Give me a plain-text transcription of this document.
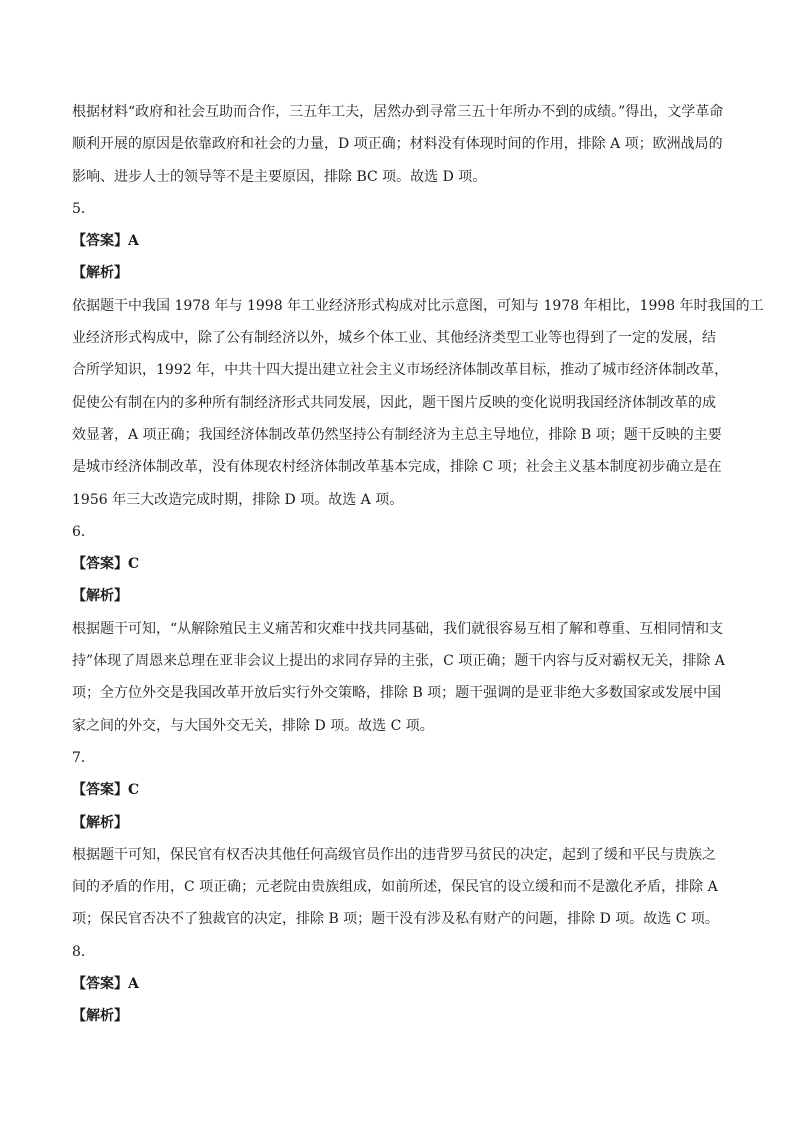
根据材料“政府和社会互助而合作，三五年工夫，居然办到寻常三五十年所办不到的成绩。”得出，文学革命
顺利开展的原因是依靠政府和社会的力量，D 项正确；材料没有体现时间的作用，排除 A 项；欧洲战局的
影响、进步人士的领导等不是主要原因，排除 BC 项。故选 D 项。

5．
【答案】A
【解析】

依据题干中我国 1978 年与 1998 年工业经济形式构成对比示意图，可知与 1978 年相比，1998 年时我国的工
业经济形式构成中，除了公有制经济以外，城乡个体工业、其他经济类型工业等也得到了一定的发展，结
合所学知识，1992 年，中共十四大提出建立社会主义市场经济体制改革目标，推动了城市经济体制改革，
促使公有制在内的多种所有制经济形式共同发展，因此，题干图片反映的变化说明我国经济体制改革的成
效显著，A 项正确；我国经济体制改革仍然坚持公有制经济为主总主导地位，排除 B 项；题干反映的主要
是城市经济体制改革，没有体现农村经济体制改革基本完成，排除 C 项；社会主义基本制度初步确立是在
1956 年三大改造完成时期，排除 D 项。故选 A 项。

6．
【答案】C
【解析】

根据题干可知，“从解除殖民主义痛苦和灾难中找共同基础，我们就很容易互相了解和尊重、互相同情和支
持”体现了周恩来总理在亚非会议上提出的求同存异的主张，C 项正确；题干内容与反对霸权无关，排除 A
项；全方位外交是我国改革开放后实行外交策略，排除 B 项；题干强调的是亚非绝大多数国家或发展中国
家之间的外交，与大国外交无关，排除 D 项。故选 C 项。

7．
【答案】C
【解析】

根据题干可知，保民官有权否决其他任何高级官员作出的违背罗马贫民的决定，起到了缓和平民与贵族之
间的矛盾的作用，C 项正确；元老院由贵族组成，如前所述，保民官的设立缓和而不是激化矛盾，排除 A
项；保民官否决不了独裁官的决定，排除 B 项；题干没有涉及私有财产的问题，排除 D 项。故选 C 项。

8．
【答案】A
【解析】
